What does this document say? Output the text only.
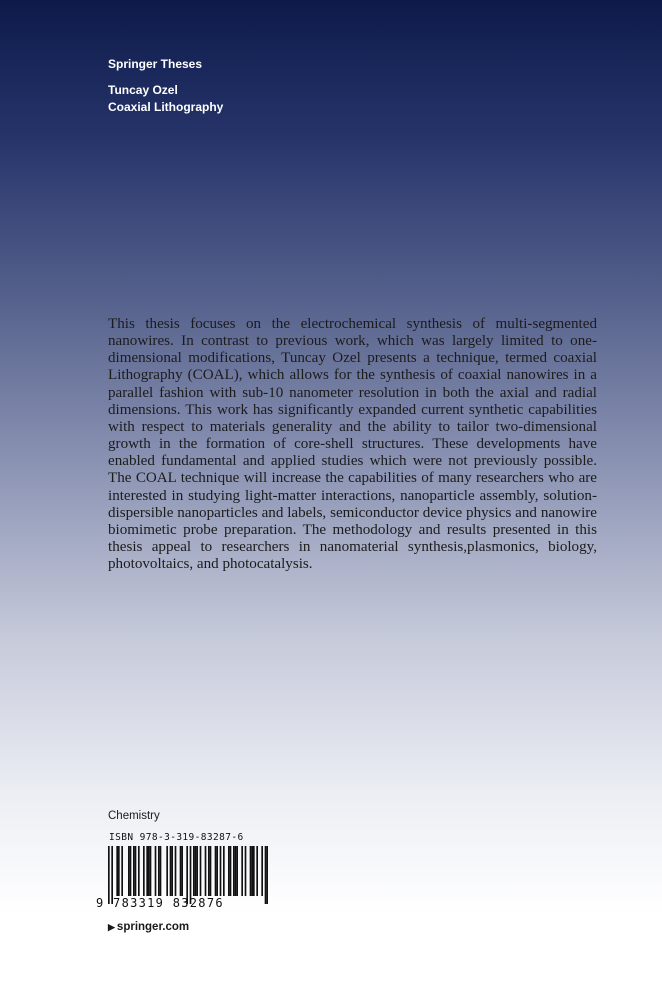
Springer Theses
Tuncay Ozel
Coaxial Lithography

This thesis focuses on the electrochemical synthesis of multi-segmented nanowires. In contrast to previous work, which was largely limited to one-dimensional modifications, Tuncay Ozel presents a technique, termed coaxial Lithography (COAL), which allows for the synthesis of coaxial nanowires in a parallel fashion with sub-10 nanometer resolution in both the axial and radial dimensions. This work has significantly expanded current synthetic capabilities with respect to materials generality and the ability to tailor two-dimensional growth in the formation of core-shell structures. These developments have enabled fundamental and applied studies which were not previously possible. The COAL technique will increase the capabilities of many researchers who are interested in studying light-matter interactions, nanoparticle assembly, solution-dispersible nanoparticles and labels, semiconductor device physics and nanowire biomimetic probe preparation. The methodology and results presented in this thesis appeal to researchers in nanomaterial synthesis,plasmonics, biology, photovoltaics, and photocatalysis.

Chemistry
ISBN 978-3-319-83287-6
9 783319 832876
▶ springer.com
